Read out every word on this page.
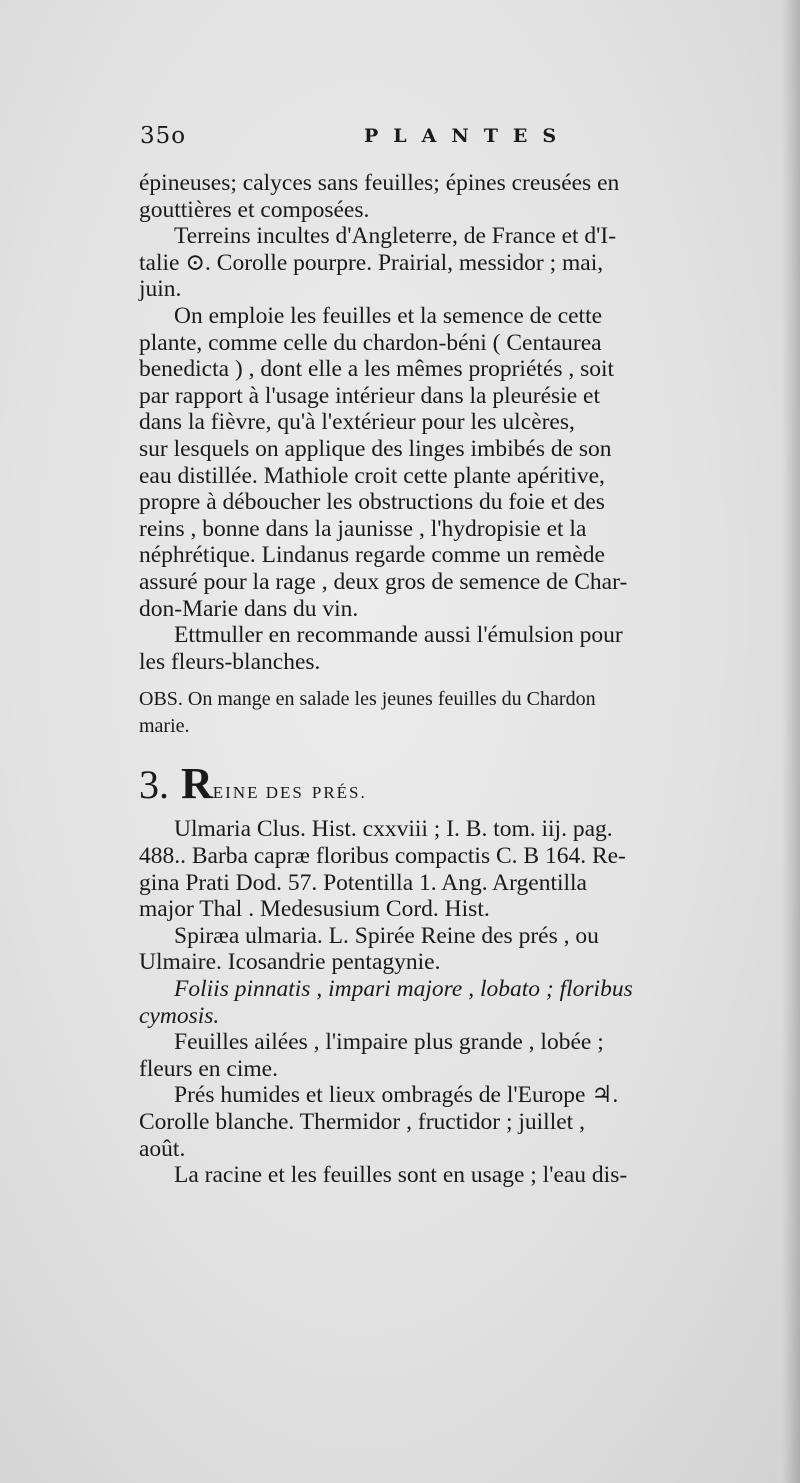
35o	PLANTES
épineuses; calyces sans feuilles; épines creusées en
gouttières et composées.
Terreins incultes d'Angleterre, de France et d'I-
talie ⊙. Corolle pourpre. Prairial, messidor ; mai,
juin.
On emploie les feuilles et la semence de cette
plante, comme celle du chardon-béni ( Centaurea
benedicta ) , dont elle a les mêmes propriétés , soit
par rapport à l'usage intérieur dans la pleurésie et
dans la fièvre, qu'à l'extérieur pour les ulcères,
sur lesquels on applique des linges imbibés de son
eau distillée. Mathiole croit cette plante apéritive,
propre à déboucher les obstructions du foie et des
reins , bonne dans la jaunisse , l'hydropisie et la
néphrétique. Lindanus regarde comme un remède
assuré pour la rage , deux gros de semence de Char-
don-Marie dans du vin.
Ettmuller en recommande aussi l'émulsion pour
les fleurs-blanches.
OBS. On mange en salade les jeunes feuilles du Chardon
marie.
3. R EINE DES PRÉS.
Ulmaria Clus. Hist. cxxviii ; I. B. tom. iij. pag.
488.. Barba capræ floribus compactis C. B 164. Re-
gina Prati Dod. 57. Potentilla 1. Ang. Argentilla
major Thal . Medesusium Cord. Hist.
Spiræa ulmaria. L. Spirée Reine des prés , ou
Ulmaire. Icosandrie pentagynie.
Foliis pinnatis , impari majore , lobato ; floribus
cymosis.
Feuilles ailées , l'impaire plus grande , lobée ;
fleurs en cime.
Prés humides et lieux ombragés de l'Europe ♃.
Corolle blanche. Thermidor , fructidor ; juillet ,
août.
La racine et les feuilles sont en usage ; l'eau dis-
